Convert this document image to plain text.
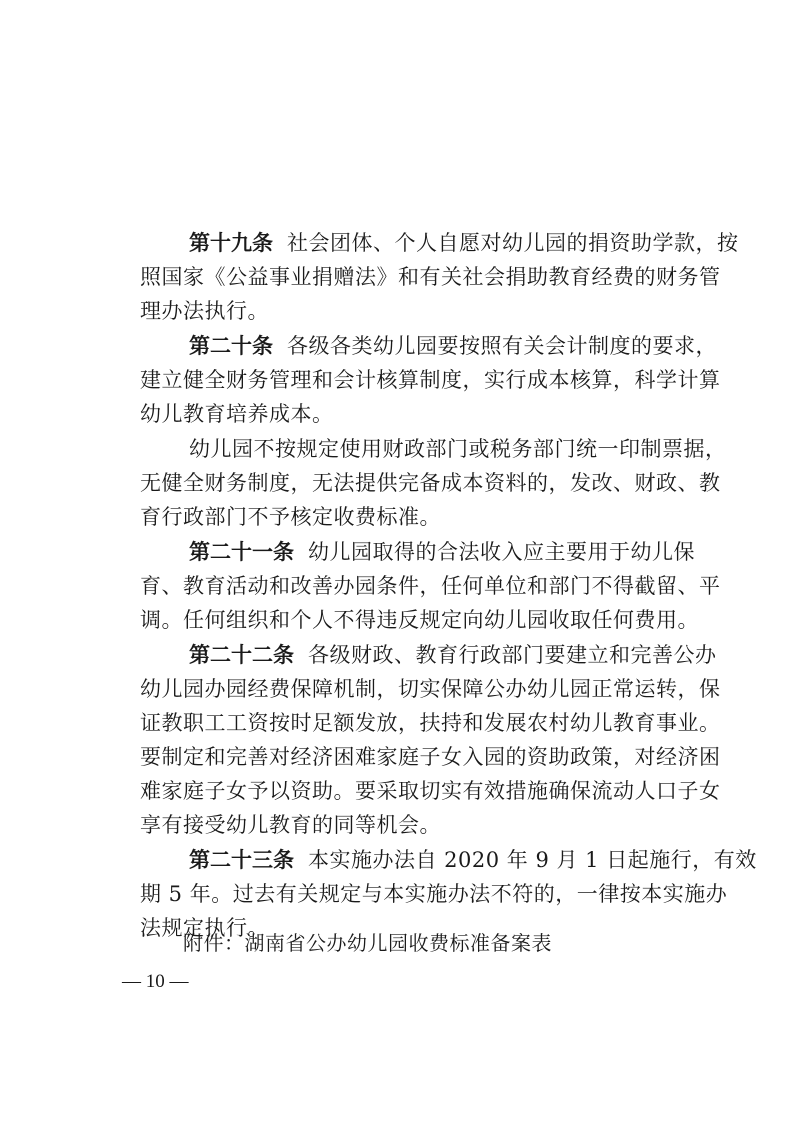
第十九条 社会团体、个人自愿对幼儿园的捐资助学款，按
照国家《公益事业捐赠法》和有关社会捐助教育经费的财务管
理办法执行。
第二十条 各级各类幼儿园要按照有关会计制度的要求，
建立健全财务管理和会计核算制度，实行成本核算，科学计算
幼儿教育培养成本。
幼儿园不按规定使用财政部门或税务部门统一印制票据，
无健全财务制度，无法提供完备成本资料的，发改、财政、教
育行政部门不予核定收费标准。
第二十一条 幼儿园取得的合法收入应主要用于幼儿保
育、教育活动和改善办园条件，任何单位和部门不得截留、平
调。任何组织和个人不得违反规定向幼儿园收取任何费用。
第二十二条 各级财政、教育行政部门要建立和完善公办
幼儿园办园经费保障机制，切实保障公办幼儿园正常运转，保
证教职工工资按时足额发放，扶持和发展农村幼儿教育事业。
要制定和完善对经济困难家庭子女入园的资助政策，对经济困
难家庭子女予以资助。要采取切实有效措施确保流动人口子女
享有接受幼儿教育的同等机会。
第二十三条 本实施办法自 2020 年 9 月 1 日起施行，有效
期 5 年。过去有关规定与本实施办法不符的，一律按本实施办
法规定执行。
附件：湖南省公办幼儿园收费标准备案表
— 10 —
